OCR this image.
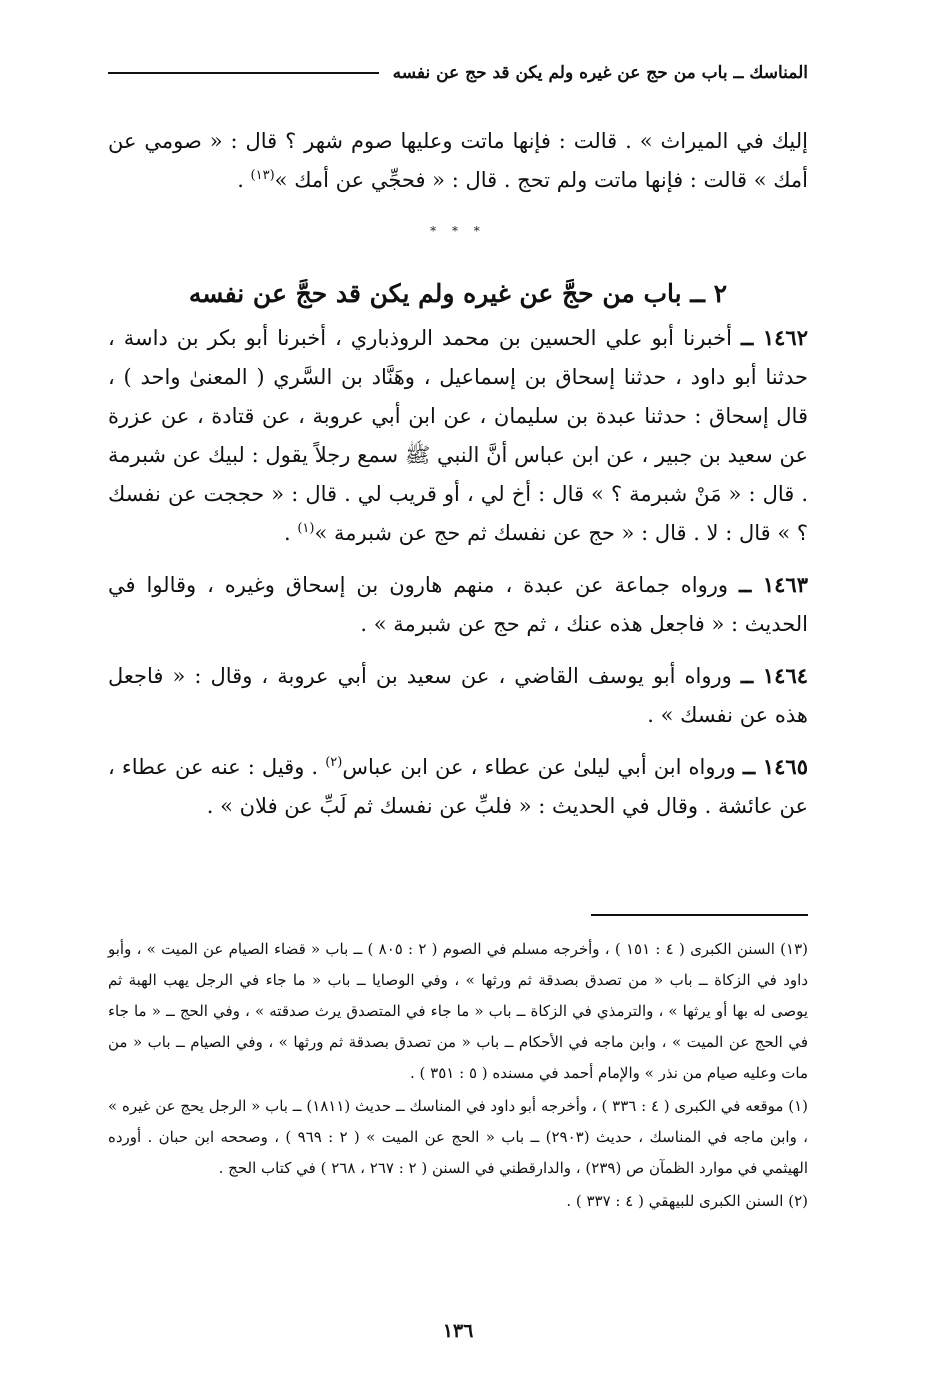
المناسك ــ باب من حج عن غيره ولم يكن قد حج عن نفسه

إليك في الميراث » . قالت : فإنها ماتت وعليها صوم شهر ؟ قال : « صومي عن أمك » قالت : فإنها ماتت ولم تحج . قال : « فحجِّي عن أمك »$^{(١٣)}$ .

* * *
٢ ــ باب من حجَّ عن غيره ولم يكن قد حجَّ عن نفسه

١٤٦٢ ــ أخبرنا أبو علي الحسين بن محمد الروذباري ، أخبرنا أبو بكر بن داسة ، حدثنا أبو داود ، حدثنا إسحاق بن إسماعيل ، وهَنَّاد بن السَّري ( المعنىٰ واحد ) ، قال إسحاق : حدثنا عبدة بن سليمان ، عن ابن أبي عروبة ، عن قتادة ، عن عزرة عن سعيد بن جبير ، عن ابن عباس أنَّ النبي ﷺ سمع رجلاً يقول : لبيك عن شبرمة . قال : « مَنْ شبرمة ؟ » قال : أخ لي ، أو قريب لي . قال : « حججت عن نفسك ؟ » قال : لا . قال : « حج عن نفسك ثم حج عن شبرمة »$^{(١)}$ .

١٤٦٣ ــ ورواه جماعة عن عبدة ، منهم هارون بن إسحاق وغيره ، وقالوا في الحديث : « فاجعل هذه عنك ، ثم حج عن شبرمة » .

١٤٦٤ ــ ورواه أبو يوسف القاضي ، عن سعيد بن أبي عروبة ، وقال : « فاجعل هذه عن نفسك » .

١٤٦٥ ــ ورواه ابن أبي ليلىٰ عن عطاء ، عن ابن عباس$^{(٢)}$ . وقيل : عنه عن عطاء ، عن عائشة . وقال في الحديث : « فلبِّ عن نفسك ثم لَبِّ عن فلان » .

(١٣) السنن الكبرى ( ٤ : ١٥١ ) ، وأخرجه مسلم في الصوم ( ٢ : ٨٠٥ ) ــ باب « قضاء الصيام عن الميت » ، وأبو داود في الزكاة ــ باب « من تصدق بصدقة ثم ورثها » ، وفي الوصايا ــ باب « ما جاء في الرجل يهب الهبة ثم يوصى له بها أو يرثها » ، والترمذي في الزكاة ــ باب « ما جاء في المتصدق يرث صدقته » ، وفي الحج ــ « ما جاء في الحج عن الميت » ، وابن ماجه في الأحكام ــ باب « من تصدق بصدقة ثم ورثها » ، وفي الصيام ــ باب « من مات وعليه صيام من نذر » والإمام أحمد في مسنده ( ٥ : ٣٥١ ) .

(١) موقعه في الكبرى ( ٤ : ٣٣٦ ) ، وأخرجه أبو داود في المناسك ــ حديث (١٨١١) ــ باب « الرجل يحج عن غيره » ، وابن ماجه في المناسك ، حديث (٢٩٠٣) ــ باب « الحج عن الميت » ( ٢ : ٩٦٩ ) ، وصححه ابن حبان . أورده الهيثمي في موارد الظمآن ص (٢٣٩) ، والدارقطني في السنن ( ٢ : ٢٦٧ ، ٢٦٨ ) في كتاب الحج .

(٢) السنن الكبرى للبيهقي ( ٤ : ٣٣٧ ) .

١٣٦
